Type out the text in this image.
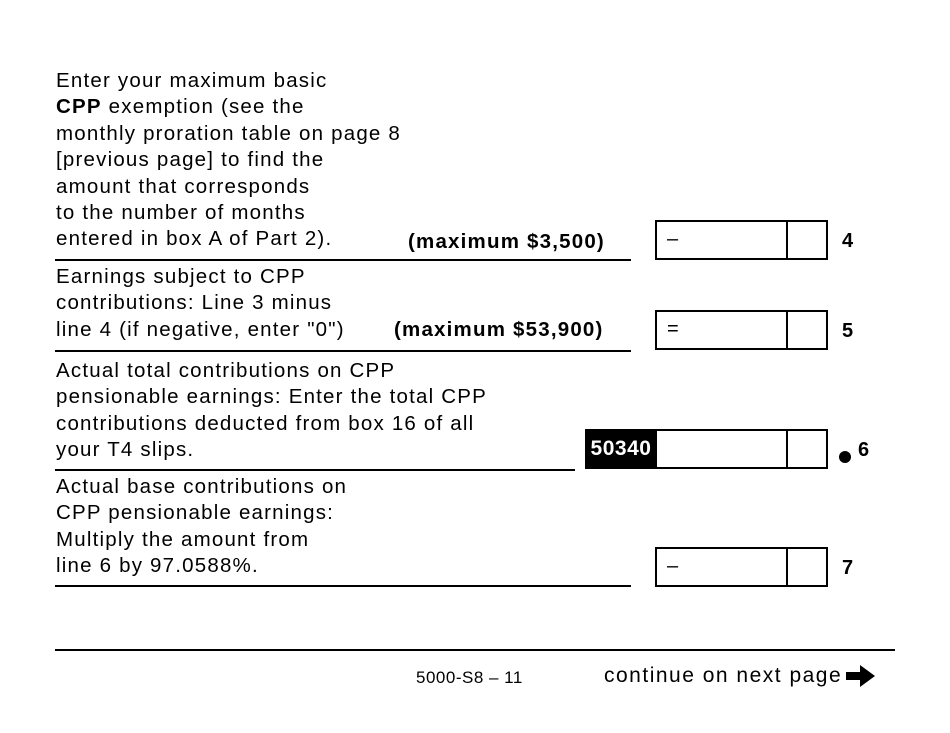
Enter your maximum basic
CPP exemption (see the
monthly proration table on page 8
[previous page] to find the
amount that corresponds
to the number of months
entered in box A of Part 2).	(maximum $3,500)	–	4
Earnings subject to CPP
contributions: Line 3 minus
line 4 (if negative, enter "0")	(maximum $53,900)	=	5
Actual total contributions on CPP
pensionable earnings: Enter the total CPP
contributions deducted from box 16 of all
your T4 slips.	50340	6
Actual base contributions on
CPP pensionable earnings:
Multiply the amount from
line 6 by 97.0588%.	–	7
5000-S8 – 11	continue on next page
